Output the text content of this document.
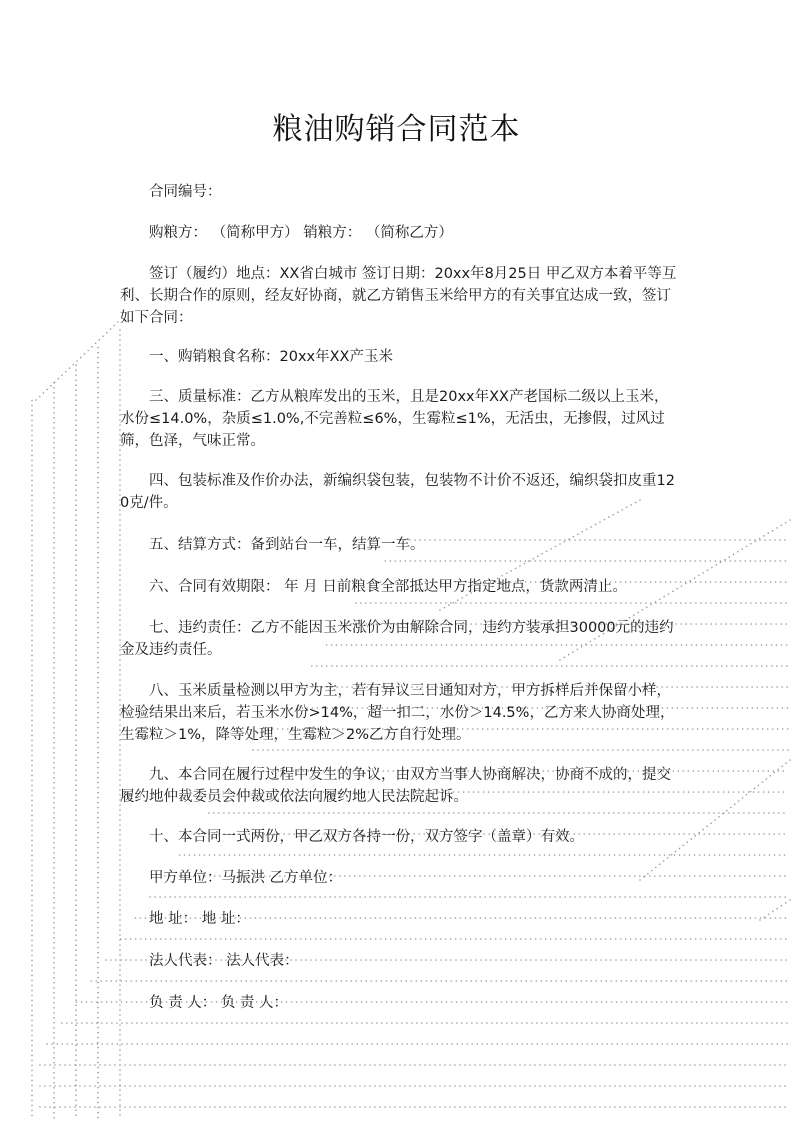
粮油购销合同范本
合同编号：
购粮方： （简称甲方） 销粮方： （简称乙方）
签订（履约）地点：XX省白城市 签订日期：20xx年8月25日 甲乙双方本着平等互利、长期合作的原则，经友好协商，就乙方销售玉米给甲方的有关事宜达成一致，签订如下合同：
一、购销粮食名称：20xx年XX产玉米
三、质量标准：乙方从粮库发出的玉米，且是20xx年XX产老国标二级以上玉米，水份≤14.0%，杂质≤1.0%,不完善粒≤6%，生霉粒≤1%，无活虫，无掺假，过风过筛，色泽，气味正常。
四、包装标准及作价办法，新编织袋包装，包装物不计价不返还，编织袋扣皮重120克/件。
五、结算方式：备到站台一车，结算一车。
六、合同有效期限： 年 月 日前粮食全部抵达甲方指定地点，货款两清止。
七、违约责任：乙方不能因玉米涨价为由解除合同，违约方装承担30000元的违约金及违约责任。
八、玉米质量检测以甲方为主，若有异议三日通知对方，甲方拆样后并保留小样，检验结果出来后，若玉米水份>14%，超一扣二，水份＞14.5%，乙方来人协商处理，生霉粒＞1%，降等处理，生霉粒＞2%乙方自行处理。
九、本合同在履行过程中发生的争议，由双方当事人协商解决，协商不成的，提交履约地仲裁委员会仲裁或依法向履约地人民法院起诉。
十、本合同一式两份，甲乙双方各持一份，双方签字（盖章）有效。
甲方单位：马振洪 乙方单位：
地 址： 地 址：
法人代表： 法人代表：
负 责 人： 负 责 人：
